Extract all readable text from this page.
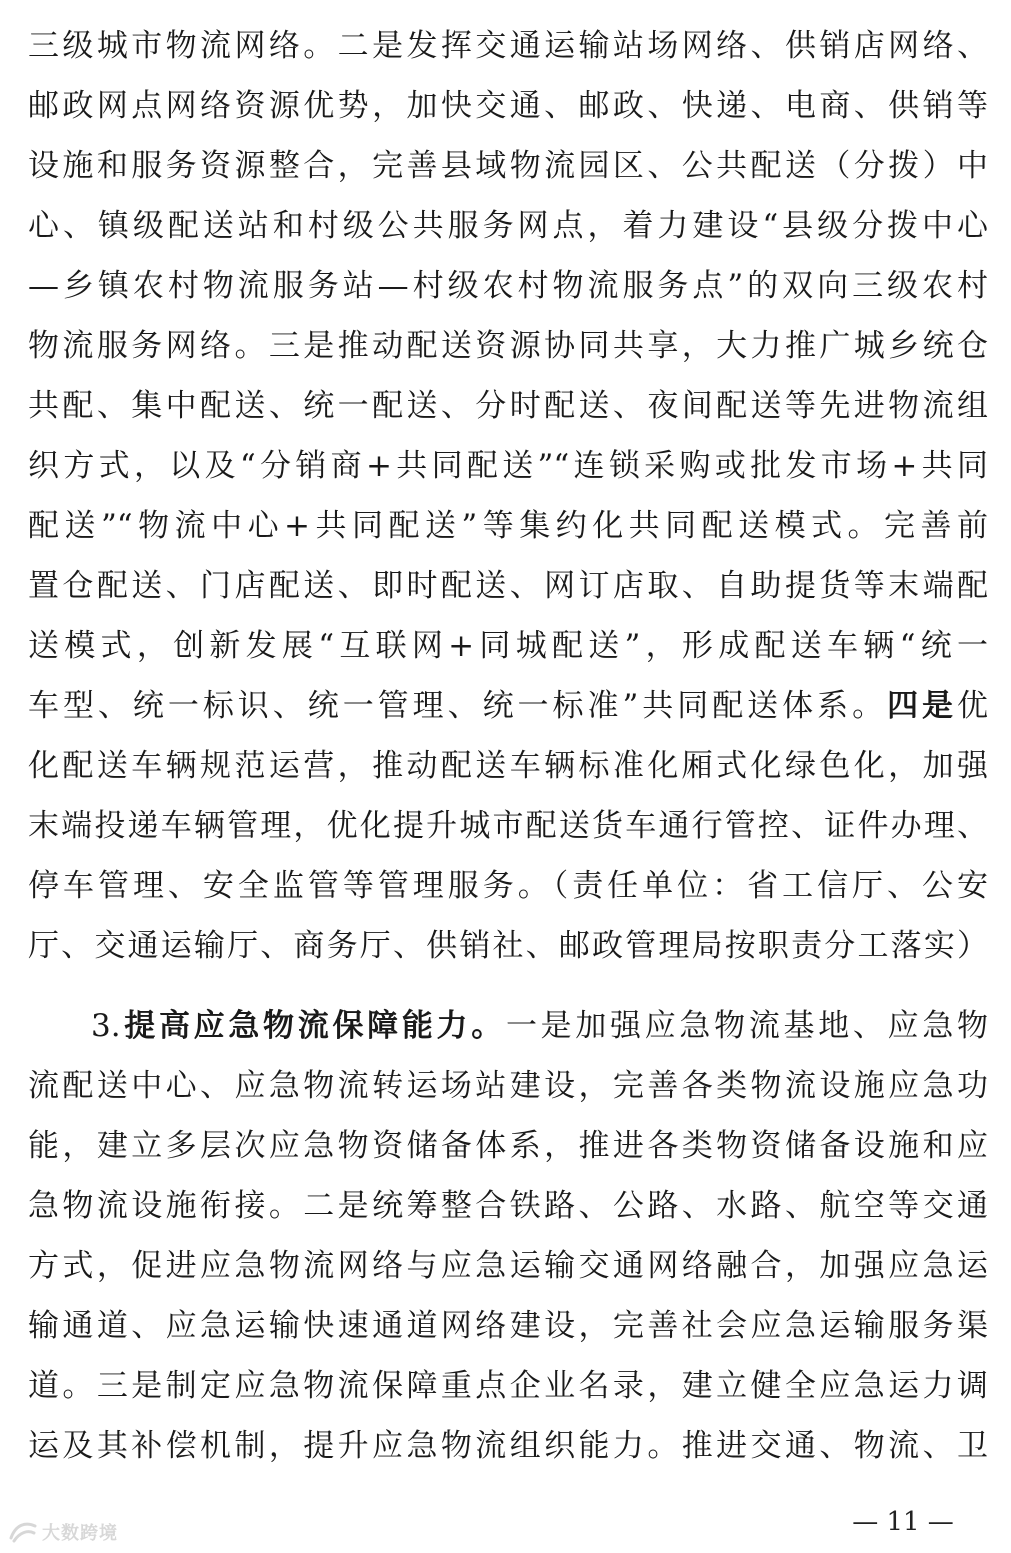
三级城市物流网络。二是发挥交通运输站场网络、供销店网络、
邮政网点网络资源优势，加快交通、邮政、快递、电商、供销等
设施和服务资源整合，完善县域物流园区、公共配送（分拨）中
心、镇级配送站和村级公共服务网点，着力建设“县级分拨中心
—乡镇农村物流服务站—村级农村物流服务点”的双向三级农村
物流服务网络。三是推动配送资源协同共享，大力推广城乡统仓
共配、集中配送、统一配送、分时配送、夜间配送等先进物流组
织方式，以及“分销商+共同配送”“连锁采购或批发市场+共同
配送”“物流中心+共同配送”等集约化共同配送模式。完善前
置仓配送、门店配送、即时配送、网订店取、自助提货等末端配
送模式，创新发展“互联网+同城配送”，形成配送车辆“统一
车型、统一标识、统一管理、统一标准”共同配送体系。四是优
化配送车辆规范运营，推动配送车辆标准化厢式化绿色化，加强
末端投递车辆管理，优化提升城市配送货车通行管控、证件办理、
停车管理、安全监管等管理服务。（责任单位：省工信厅、公安
厅、交通运输厅、商务厅、供销社、邮政管理局按职责分工落实）
3.提高应急物流保障能力。一是加强应急物流基地、应急物
流配送中心、应急物流转运场站建设，完善各类物流设施应急功
能，建立多层次应急物资储备体系，推进各类物资储备设施和应
急物流设施衔接。二是统筹整合铁路、公路、水路、航空等交通
方式，促进应急物流网络与应急运输交通网络融合，加强应急运
输通道、应急运输快速通道网络建设，完善社会应急运输服务渠
道。三是制定应急物流保障重点企业名录，建立健全应急运力调
运及其补偿机制，提升应急物流组织能力。推进交通、物流、卫
— 11 —
大数跨境
